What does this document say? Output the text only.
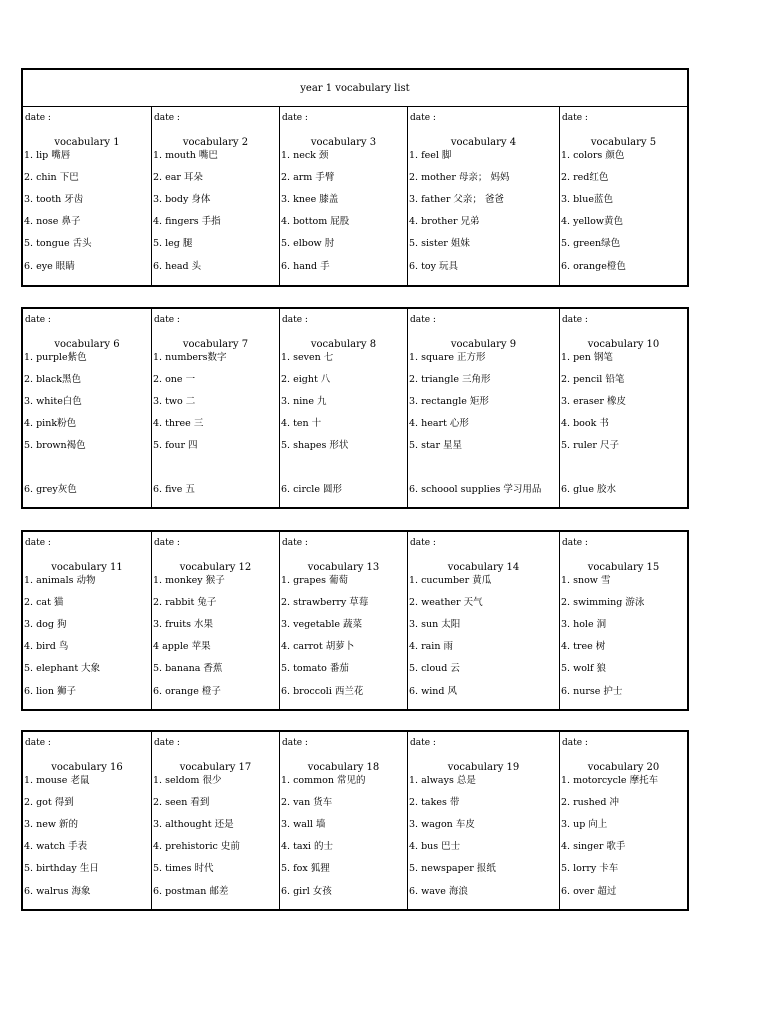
year 1 vocabulary list
date :
vocabulary 1
1. lip 嘴唇
2. chin 下巴
3. tooth 牙齿
4. nose 鼻子
5. tongue 舌头
6. eye 眼睛
date :
vocabulary 2
1. mouth 嘴巴
2. ear 耳朵
3. body 身体
4. fingers 手指
5. leg 腿
6. head 头
date :
vocabulary 3
1. neck 颈
2. arm 手臂
3. knee 膝盖
4. bottom 屁股
5. elbow 肘
6. hand 手
date :
vocabulary 4
1. feel 脚
2. mother 母亲； 妈妈
3. father 父亲； 爸爸
4. brother 兄弟
5. sister 姐妹
6. toy 玩具
date :
vocabulary 5
1. colors 颜色
2. red红色
3. blue蓝色
4. yellow黄色
5. green绿色
6. orange橙色
date :
vocabulary 6
1. purple紫色
2. black黑色
3. white白色
4. pink粉色
5. brown褐色
6. grey灰色
date :
vocabulary 7
1. numbers数字
2. one 一
3. two 二
4. three 三
5. four 四
6. five 五
date :
vocabulary 8
1. seven 七
2. eight 八
3. nine 九
4. ten 十
5. shapes 形状
6. circle 圆形
date :
vocabulary 9
1. square 正方形
2. triangle 三角形
3. rectangle 矩形
4. heart 心形
5. star 星星
6. schoool supplies 学习用品
date :
vocabulary 10
1. pen 钢笔
2. pencil 铅笔
3. eraser 橡皮
4. book 书
5. ruler 尺子
6. glue 胶水
date :
vocabulary 11
1. animals 动物
2. cat 猫
3. dog 狗
4. bird 鸟
5. elephant 大象
6. lion 狮子
date :
vocabulary 12
1. monkey 猴子
2. rabbit 兔子
3. fruits 水果
4 apple 苹果
5. banana 香蕉
6. orange 橙子
date :
vocabulary 13
1. grapes 葡萄
2. strawberry 草莓
3. vegetable 蔬菜
4. carrot 胡萝卜
5. tomato 番茄
6. broccoli 西兰花
date :
vocabulary 14
1. cucumber 黄瓜
2. weather 天气
3. sun 太阳
4. rain 雨
5. cloud 云
6. wind 风
date :
vocabulary 15
1. snow 雪
2. swimming 游泳
3. hole 洞
4. tree 树
5. wolf 狼
6. nurse 护士
date :
vocabulary 16
1. mouse 老鼠
2. got 得到
3. new 新的
4. watch 手表
5. birthday 生日
6. walrus 海象
date :
vocabulary 17
1. seldom 很少
2. seen 看到
3. althought 还是
4. prehistoric 史前
5. times 时代
6. postman 邮差
date :
vocabulary 18
1. common 常见的
2. van 货车
3. wall 墙
4. taxi 的士
5. fox 狐狸
6. girl 女孩
date :
vocabulary 19
1. always 总是
2. takes 带
3. wagon 车皮
4. bus 巴士
5. newspaper 报纸
6. wave 海浪
date :
vocabulary 20
1. motorcycle 摩托车
2. rushed 冲
3. up 向上
4. singer 歌手
5. lorry 卡车
6. over 超过
